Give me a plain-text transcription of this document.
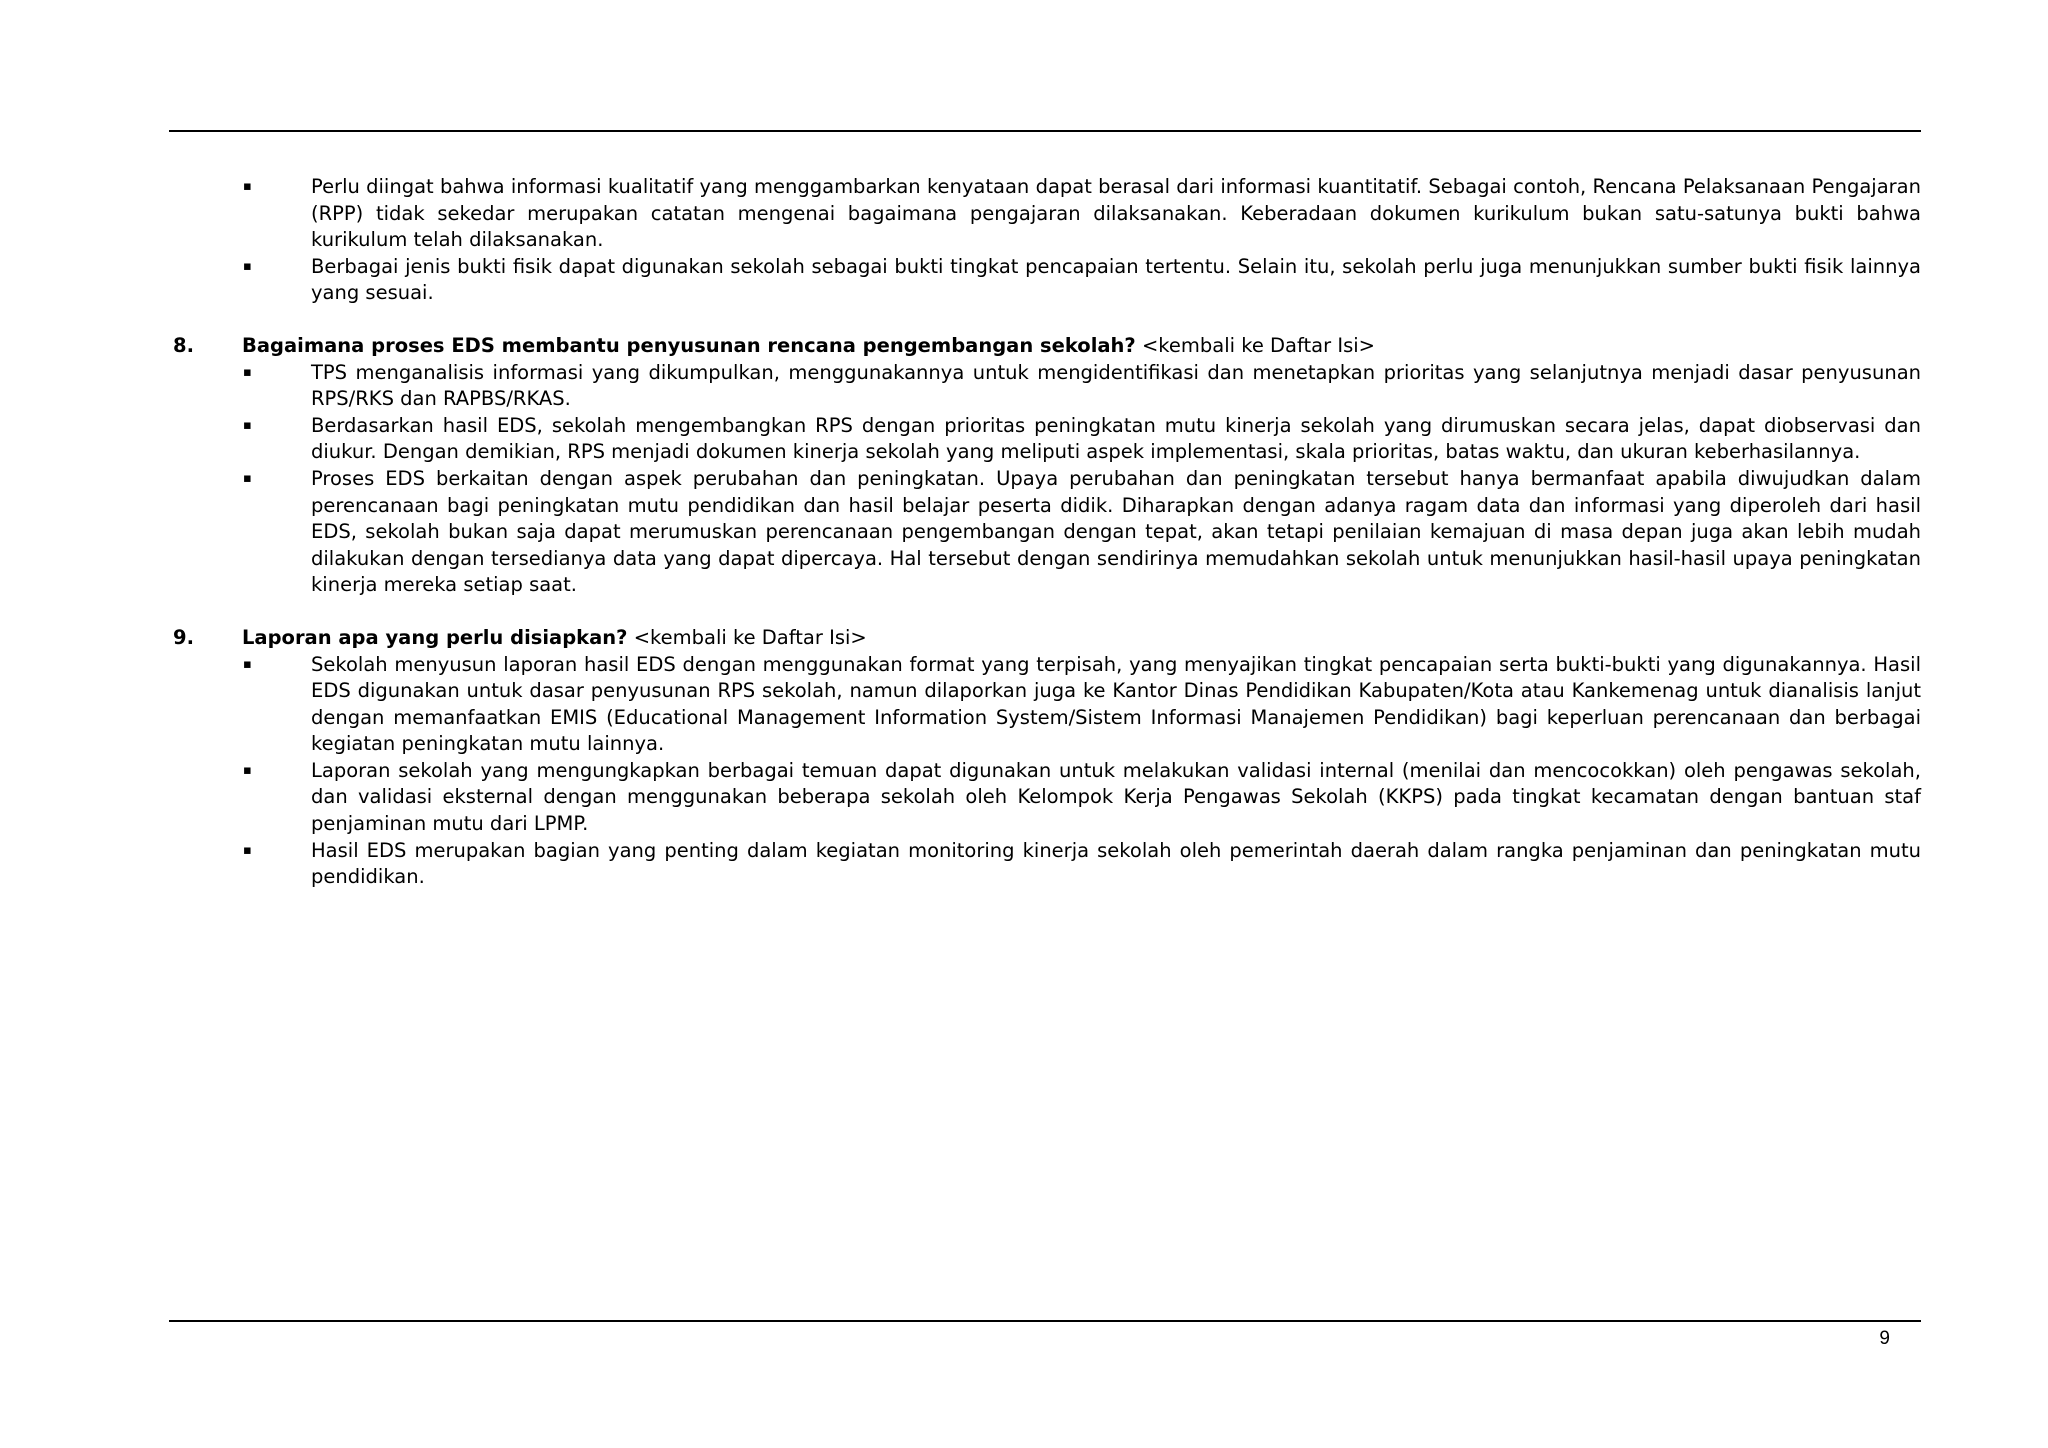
▪	Perlu diingat bahwa informasi kualitatif yang menggambarkan kenyataan dapat berasal dari informasi kuantitatif. Sebagai contoh, Rencana Pelaksanaan Pengajaran (RPP) tidak sekedar merupakan catatan mengenai bagaimana pengajaran dilaksanakan. Keberadaan dokumen kurikulum bukan satu-satunya bukti bahwa kurikulum telah dilaksanakan.
▪	Berbagai jenis bukti fisik dapat digunakan sekolah sebagai bukti tingkat pencapaian tertentu. Selain itu, sekolah perlu juga menunjukkan sumber bukti fisik lainnya yang sesuai.
8. Bagaimana proses EDS membantu penyusunan rencana pengembangan sekolah? <kembali ke Daftar Isi>
▪	TPS menganalisis informasi yang dikumpulkan, menggunakannya untuk mengidentifikasi dan menetapkan prioritas yang selanjutnya menjadi dasar penyusunan RPS/RKS dan RAPBS/RKAS.
▪	Berdasarkan hasil EDS, sekolah mengembangkan RPS dengan prioritas peningkatan mutu kinerja sekolah yang dirumuskan secara jelas, dapat diobservasi dan diukur. Dengan demikian, RPS menjadi dokumen kinerja sekolah yang meliputi aspek implementasi, skala prioritas, batas waktu, dan ukuran keberhasilannya.
▪	Proses EDS berkaitan dengan aspek perubahan dan peningkatan. Upaya perubahan dan peningkatan tersebut hanya bermanfaat apabila diwujudkan dalam perencanaan bagi peningkatan mutu pendidikan dan hasil belajar peserta didik. Diharapkan dengan adanya ragam data dan informasi yang diperoleh dari hasil EDS, sekolah bukan saja dapat merumuskan perencanaan pengembangan dengan tepat, akan tetapi penilaian kemajuan di masa depan juga akan lebih mudah dilakukan dengan tersedianya data yang dapat dipercaya. Hal tersebut dengan sendirinya memudahkan sekolah untuk menunjukkan hasil-hasil upaya peningkatan kinerja mereka setiap saat.
9. Laporan apa yang perlu disiapkan? <kembali ke Daftar Isi>
▪	Sekolah menyusun laporan hasil EDS dengan menggunakan format yang terpisah, yang menyajikan tingkat pencapaian serta bukti-bukti yang digunakannya. Hasil EDS digunakan untuk dasar penyusunan RPS sekolah, namun dilaporkan juga ke Kantor Dinas Pendidikan Kabupaten/Kota atau Kankemenag untuk dianalisis lanjut dengan memanfaatkan EMIS (Educational Management Information System/Sistem Informasi Manajemen Pendidikan) bagi keperluan perencanaan dan berbagai kegiatan peningkatan mutu lainnya.
▪	Laporan sekolah yang mengungkapkan berbagai temuan dapat digunakan untuk melakukan validasi internal (menilai dan mencocokkan) oleh pengawas sekolah, dan validasi eksternal dengan menggunakan beberapa sekolah oleh Kelompok Kerja Pengawas Sekolah (KKPS) pada tingkat kecamatan dengan bantuan staf penjaminan mutu dari LPMP.
▪	Hasil EDS merupakan bagian yang penting dalam kegiatan monitoring kinerja sekolah oleh pemerintah daerah dalam rangka penjaminan dan peningkatan mutu pendidikan.
9
